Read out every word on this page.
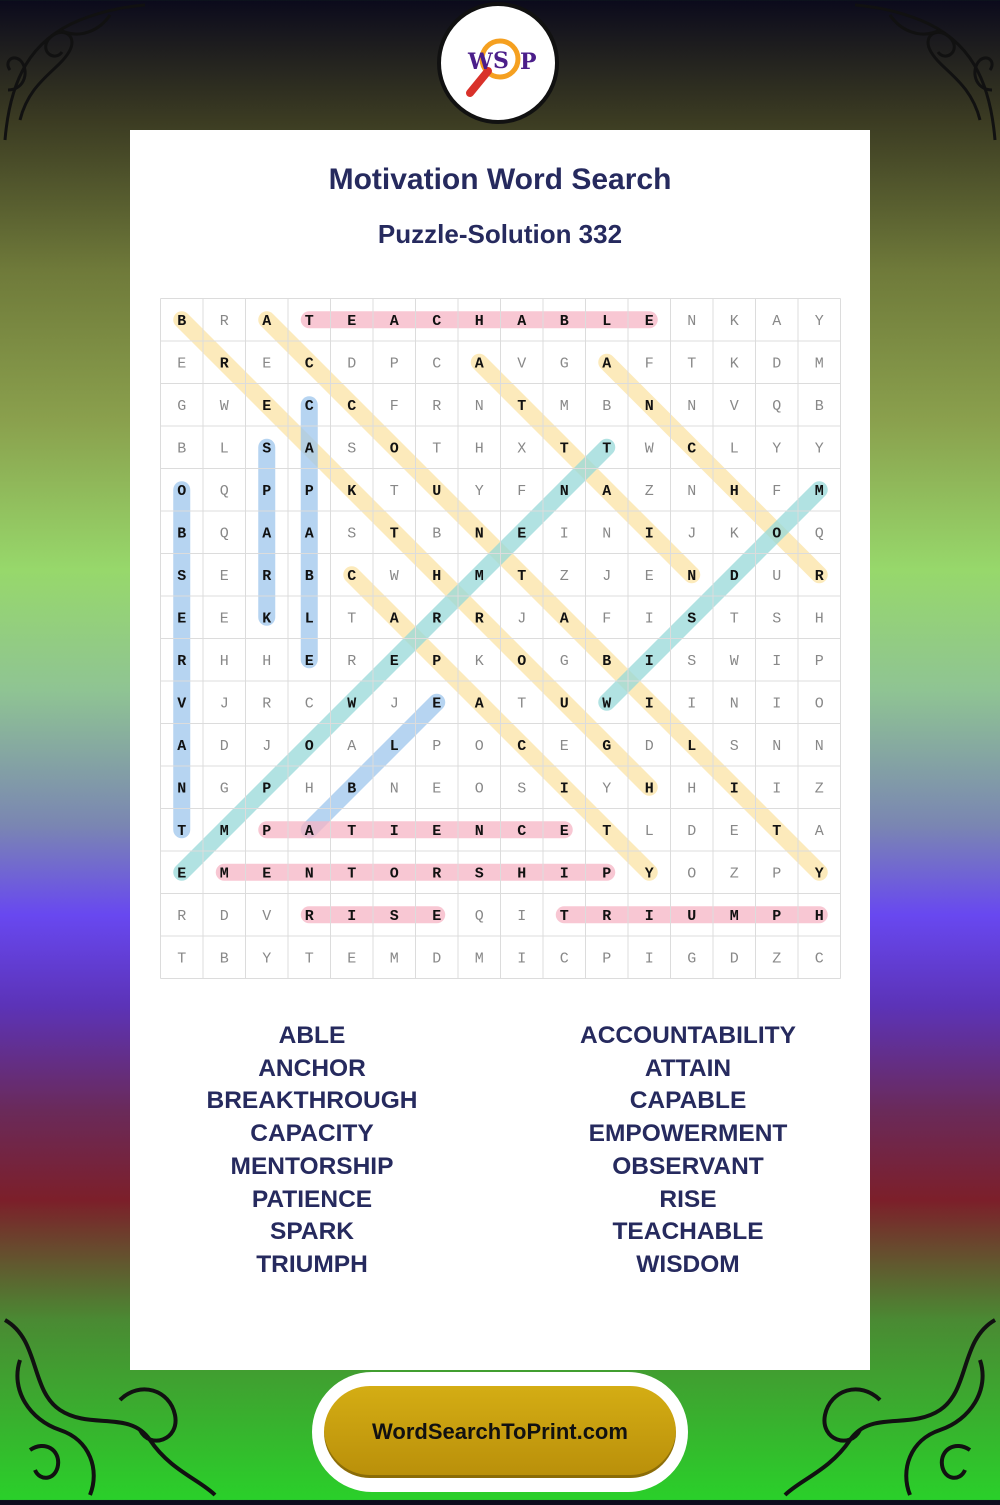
W S P
Motivation Word Search
Puzzle-Solution 332
B R A T E A C H A B L E N K A Y
E R E C D P C A V G A F T K D M
G W E C C F R N T M B N N V Q B
B L S A S O T H X T T W C L Y Y
O Q P P K T U Y F N A Z N H F M
B Q A A S T B N E I N I J K O Q
S E R B C W H M T Z J E N D U R
E E K L T A R R J A F I S T S H
R H H E R E P K O G B I S W I P
V J R C W J E A T U W I I N I O
A D J O A L P O C E G D L S N N
N G P H B N E O S I Y H H I I Z
T M P A T I E N C E T L D E T A
E M E N T O R S H I P Y O Z P Y
R D V R I S E Q I T R I U M P H
T B Y T E M D M I C P I G D Z C
ABLE
ANCHOR
BREAKTHROUGH
CAPACITY
MENTORSHIP
PATIENCE
SPARK
TRIUMPH
ACCOUNTABILITY
ATTAIN
CAPABLE
EMPOWERMENT
OBSERVANT
RISE
TEACHABLE
WISDOM
WordSearchToPrint.com
